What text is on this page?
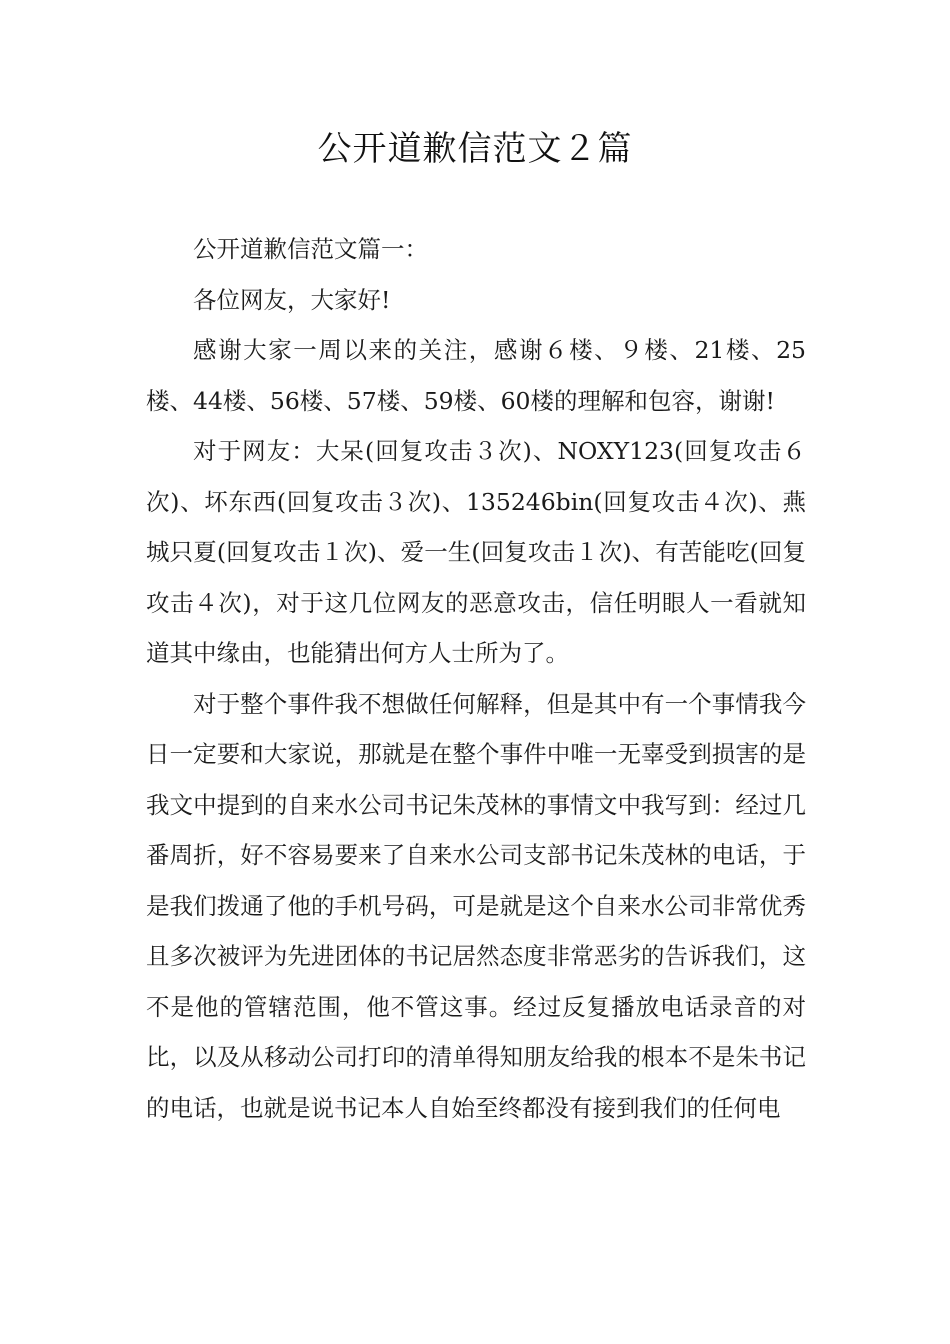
公开道歉信范文２篇

公开道歉信范文篇一：

各位网友，大家好!

感谢大家一周以来的关注，感谢６楼、９楼、21楼、25楼、44楼、56楼、57楼、59楼、60楼的理解和包容，谢谢!

对于网友：大呆(回复攻击３次)、NOXY123(回复攻击６次)、坏东西(回复攻击３次)、135246bin(回复攻击４次)、燕城只夏(回复攻击１次)、爱一生(回复攻击１次)、有苦能吃(回复攻击４次)，对于这几位网友的恶意攻击，信任明眼人一看就知道其中缘由，也能猜出何方人士所为了。

对于整个事件我不想做任何解释，但是其中有一个事情我今日一定要和大家说，那就是在整个事件中唯一无辜受到损害的是我文中提到的自来水公司书记朱茂林的事情文中我写到：经过几番周折，好不容易要来了自来水公司支部书记朱茂林的电话，于是我们拨通了他的手机号码，可是就是这个自来水公司非常优秀且多次被评为先进团体的书记居然态度非常恶劣的告诉我们，这不是他的管辖范围，他不管这事。经过反复播放电话录音的对比，以及从移动公司打印的清单得知朋友给我的根本不是朱书记的电话，也就是说书记本人自始至终都没有接到我们的任何电
